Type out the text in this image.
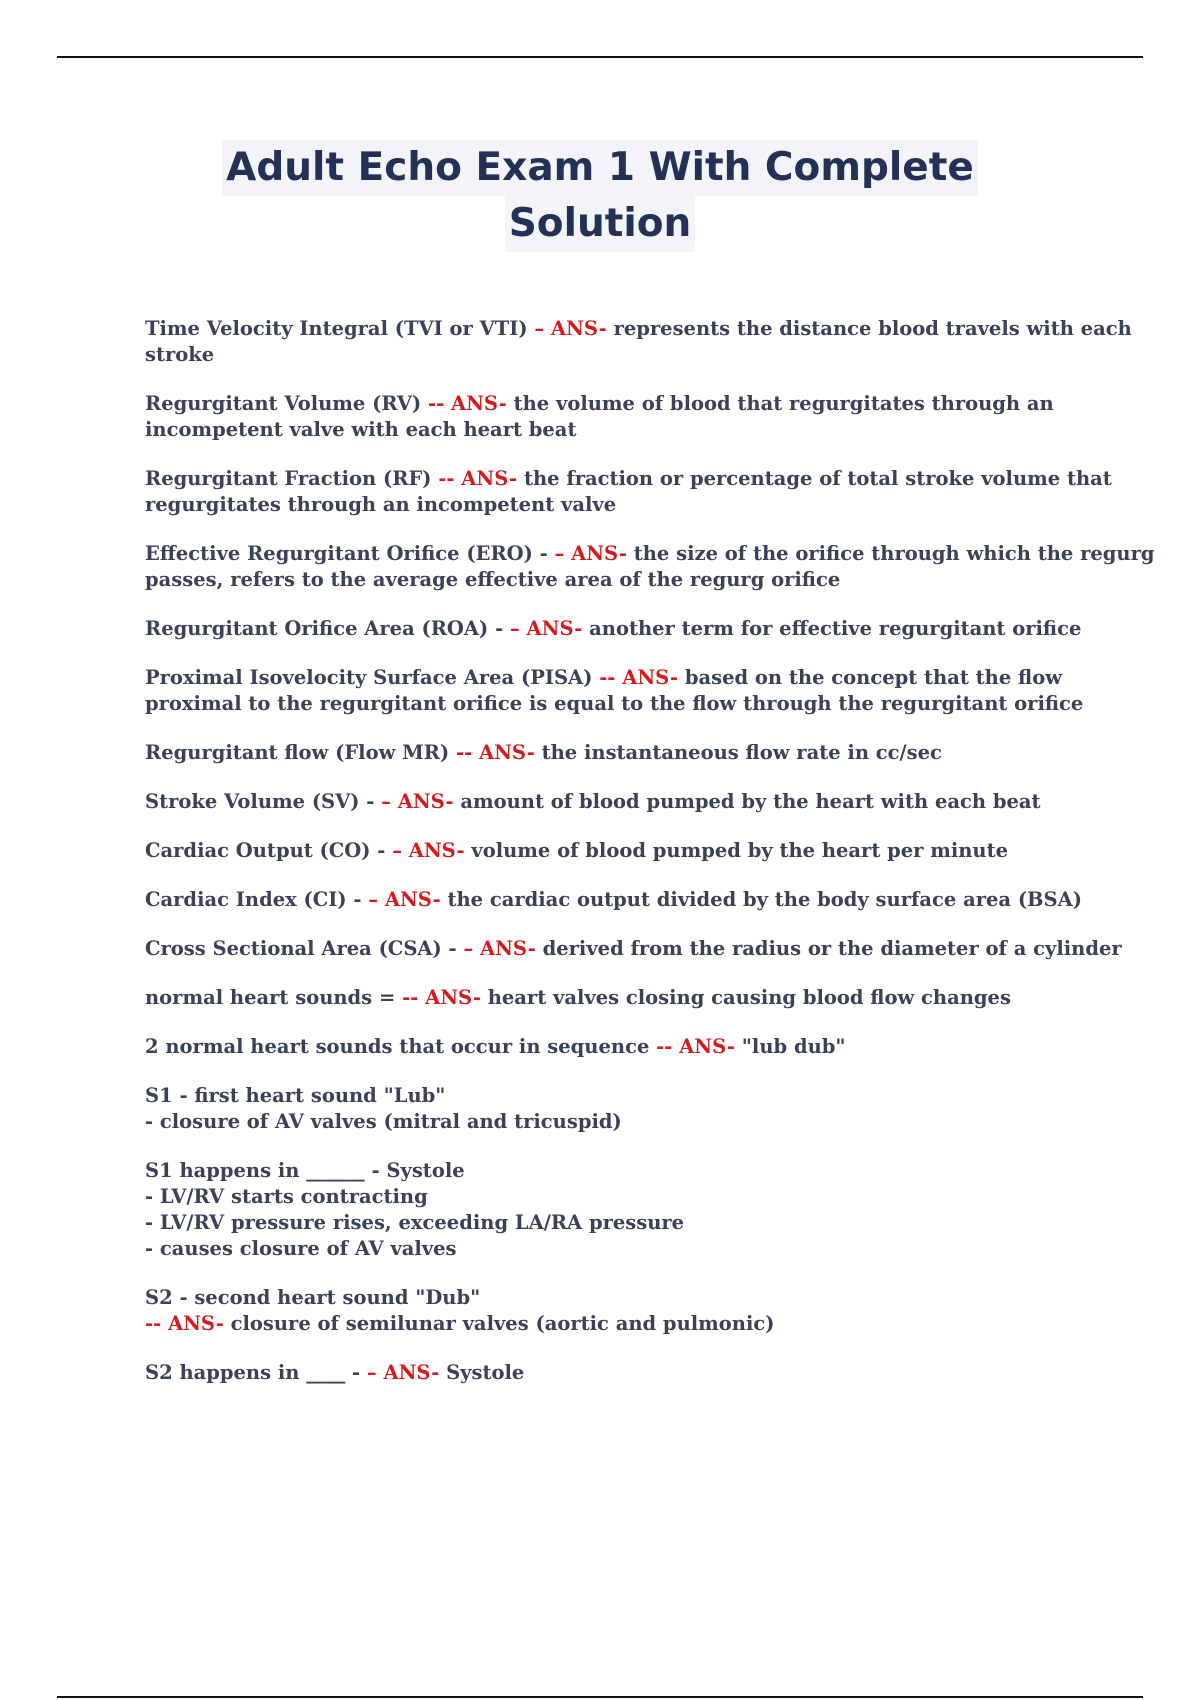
Adult Echo Exam 1 With Complete
Solution
Time Velocity Integral (TVI or VTI) – ANS- represents the distance blood travels with each
stroke
Regurgitant Volume (RV) -- ANS- the volume of blood that regurgitates through an
incompetent valve with each heart beat
Regurgitant Fraction (RF) -- ANS- the fraction or percentage of total stroke volume that
regurgitates through an incompetent valve
Effective Regurgitant Orifice (ERO) - – ANS- the size of the orifice through which the regurg
passes, refers to the average effective area of the regurg orifice
Regurgitant Orifice Area (ROA) - – ANS- another term for effective regurgitant orifice
Proximal Isovelocity Surface Area (PISA) -- ANS- based on the concept that the flow
proximal to the regurgitant orifice is equal to the flow through the regurgitant orifice
Regurgitant flow (Flow MR) -- ANS- the instantaneous flow rate in cc/sec
Stroke Volume (SV) - – ANS- amount of blood pumped by the heart with each beat
Cardiac Output (CO) - – ANS- volume of blood pumped by the heart per minute
Cardiac Index (CI) - – ANS- the cardiac output divided by the body surface area (BSA)
Cross Sectional Area (CSA) - – ANS- derived from the radius or the diameter of a cylinder
normal heart sounds = -- ANS- heart valves closing causing blood flow changes
2 normal heart sounds that occur in sequence -- ANS- "lub dub"
S1 - first heart sound "Lub"
- closure of AV valves (mitral and tricuspid)
S1 happens in ______ - Systole
- LV/RV starts contracting
- LV/RV pressure rises, exceeding LA/RA pressure
- causes closure of AV valves
S2 - second heart sound "Dub"
-- ANS- closure of semilunar valves (aortic and pulmonic)
S2 happens in ____ - – ANS- Systole
